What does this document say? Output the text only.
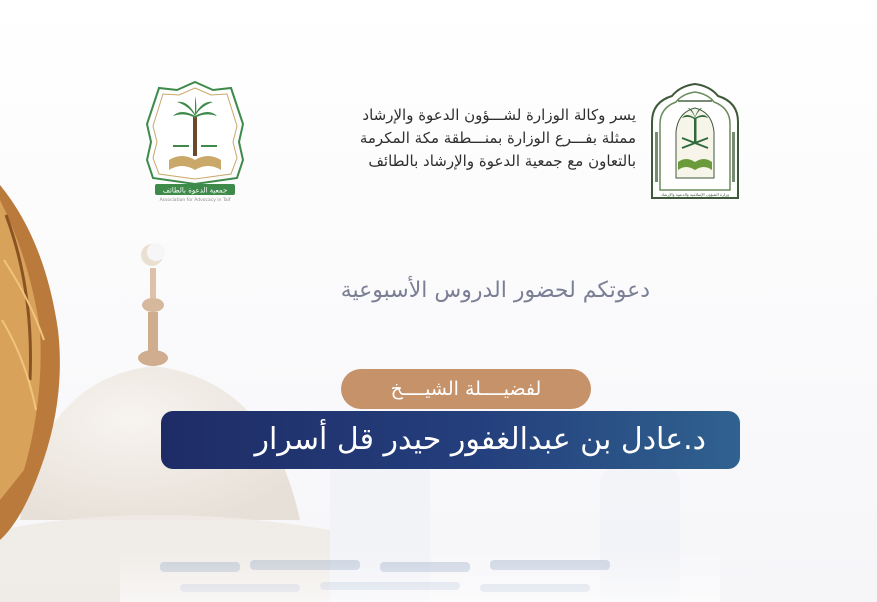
جمعية الدعوة بالطائف
Association for Advocacy in Taif
وزارة الشؤون الإسلامية والدعوة والإرشاد
يسر وكالة الوزارة لشـــؤون الدعوة والإرشاد
ممثلة بفـــرع الوزارة بمنـــطقة مكة المكرمة
بالتعاون مع جمعية الدعوة والإرشاد بالطائف
دعوتكم لحضور الدروس الأسبوعية
لفضيــــلة الشيــــخ
د.عادل بن عبدالغفور حيدر قل أسرار
